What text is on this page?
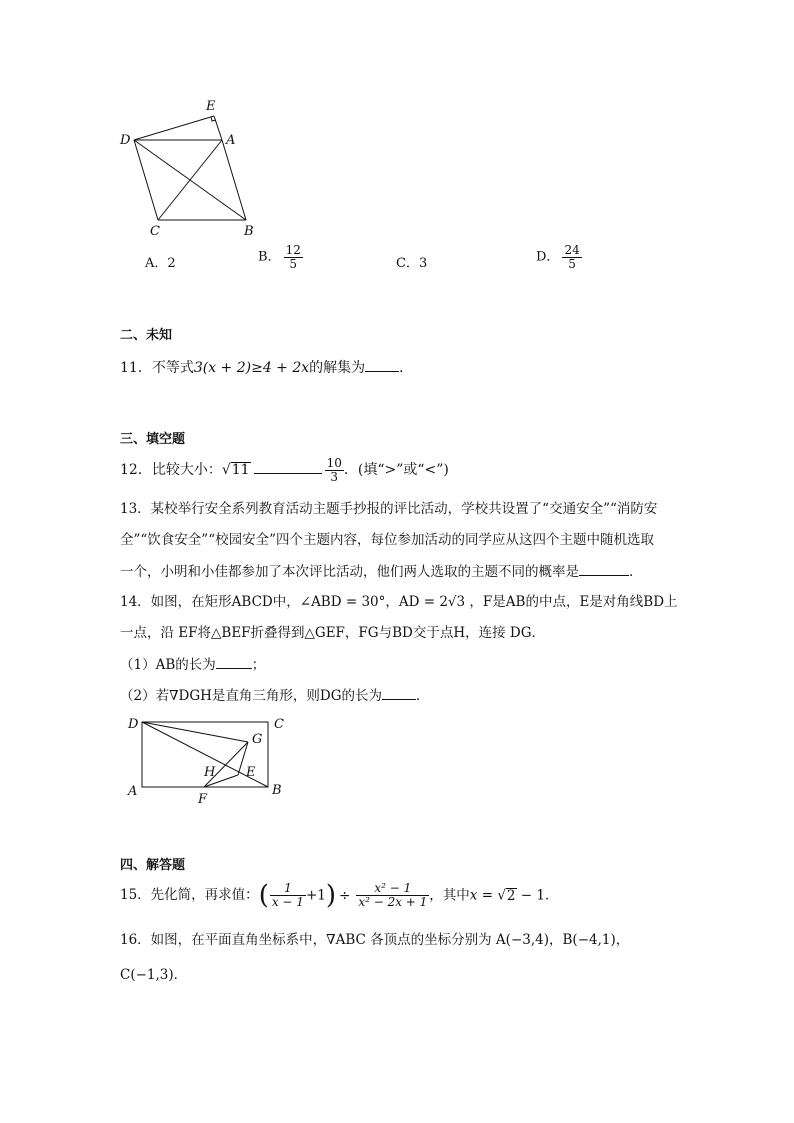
E
D	A
C	B
A．2	B． $\frac{12}{5}$	C．3	D． $\frac{24}{5}$
二、未知
11．不等式3(x + 2)≥4 + 2x的解集为 ．
三、填空题
12．比较大小：√11	$\frac{10}{3}$ ．(填“>”或“<”)
13．某校举行安全系列教育活动主题手抄报的评比活动，学校共设置了“交通安全”“消防安
全”“饮食安全”“校园安全”四个主题内容，每位参加活动的同学应从这四个主题中随机选取
一个，小明和小佳都参加了本次评比活动，他们两人选取的主题不同的概率是	．
14．如图，在矩形ABCD中，∠ABD = 30°，AD = 2√3 ，F是AB的中点，E是对角线BD上
一点，沿 EF将△BEF折叠得到△GEF，FG与BD交于点H，连接 DG．
（1）AB的长为	；
（2）若∇DGH是直角三角形，则DG的长为	．
D	C
G
H E
A
F
B
四、解答题
15．先化简，再求值：( $\frac{1}{x - 1} +1) \div \frac{\text{x² − 1}}{\text{x² − 2x + 1}}$ ，其中x = √2 − 1．
16．如图，在平面直角坐标系中，∇ABC 各顶点的坐标分别为 A(−3,4)，B(−4,1)，
C(−1,3)．
